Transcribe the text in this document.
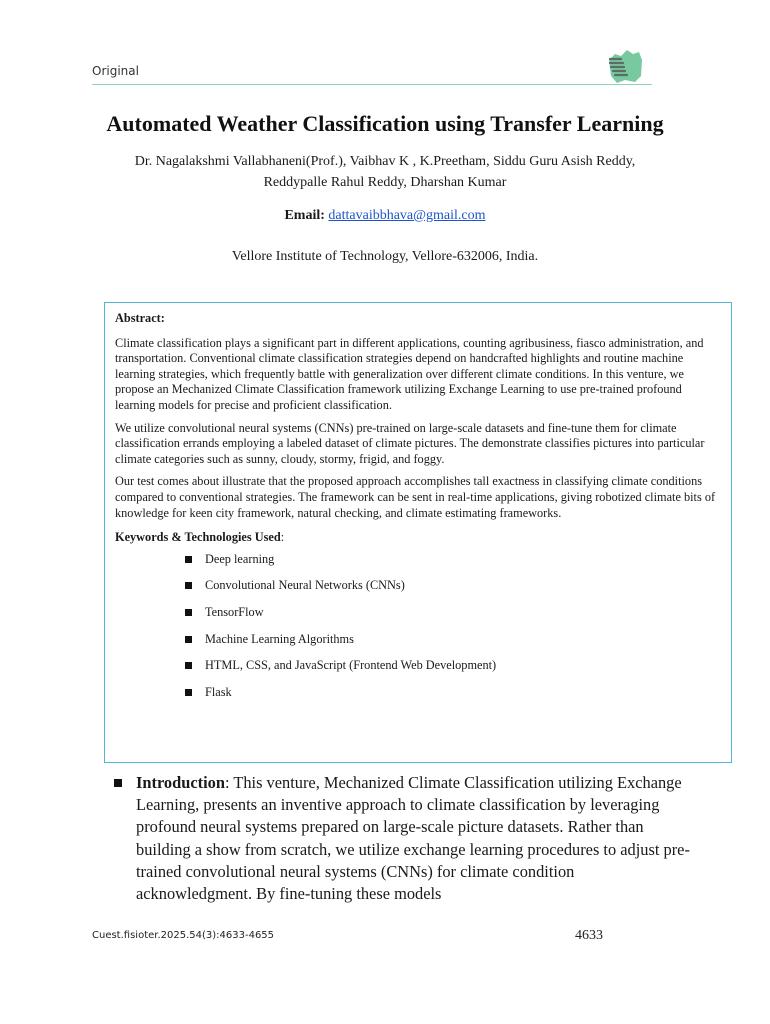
Original
Automated Weather Classification using Transfer Learning
Dr. Nagalakshmi Vallabhaneni(Prof.), Vaibhav K , K.Preetham, Siddu Guru Asish Reddy,
Reddypalle Rahul Reddy, Dharshan Kumar
Email: dattavaibbhava@gmail.com
Vellore Institute of Technology, Vellore-632006, India.

Abstract:

Climate classification plays a significant part in different applications, counting agribusiness, fiasco administration, and transportation. Conventional climate classification strategies depend on handcrafted highlights and routine machine learning strategies, which frequently battle with generalization over different climate conditions. In this venture, we propose an Mechanized Climate Classification framework utilizing Exchange Learning to use pre-trained profound learning models for precise and proficient classification.

We utilize convolutional neural systems (CNNs) pre-trained on large-scale datasets and fine-tune them for climate classification errands employing a labeled dataset of climate pictures. The demonstrate classifies pictures into particular climate categories such as sunny, cloudy, stormy, frigid, and foggy.

Our test comes about illustrate that the proposed approach accomplishes tall exactness in classifying climate conditions compared to conventional strategies. The framework can be sent in real-time applications, giving robotized climate bits of knowledge for keen city framework, natural checking, and climate estimating frameworks.

Keywords & Technologies Used:

Deep learning
Convolutional Neural Networks (CNNs)
TensorFlow
Machine Learning Algorithms
HTML, CSS, and JavaScript (Frontend Web Development)
Flask
Introduction: This venture, Mechanized Climate Classification utilizing Exchange Learning, presents an inventive approach to climate classification by leveraging profound neural systems prepared on large-scale picture datasets. Rather than building a show from scratch, we utilize exchange learning procedures to adjust pre-trained convolutional neural systems (CNNs) for climate condition acknowledgment. By fine-tuning these models
Cuest.fisioter.2025.54(3):4633-4655	4633
